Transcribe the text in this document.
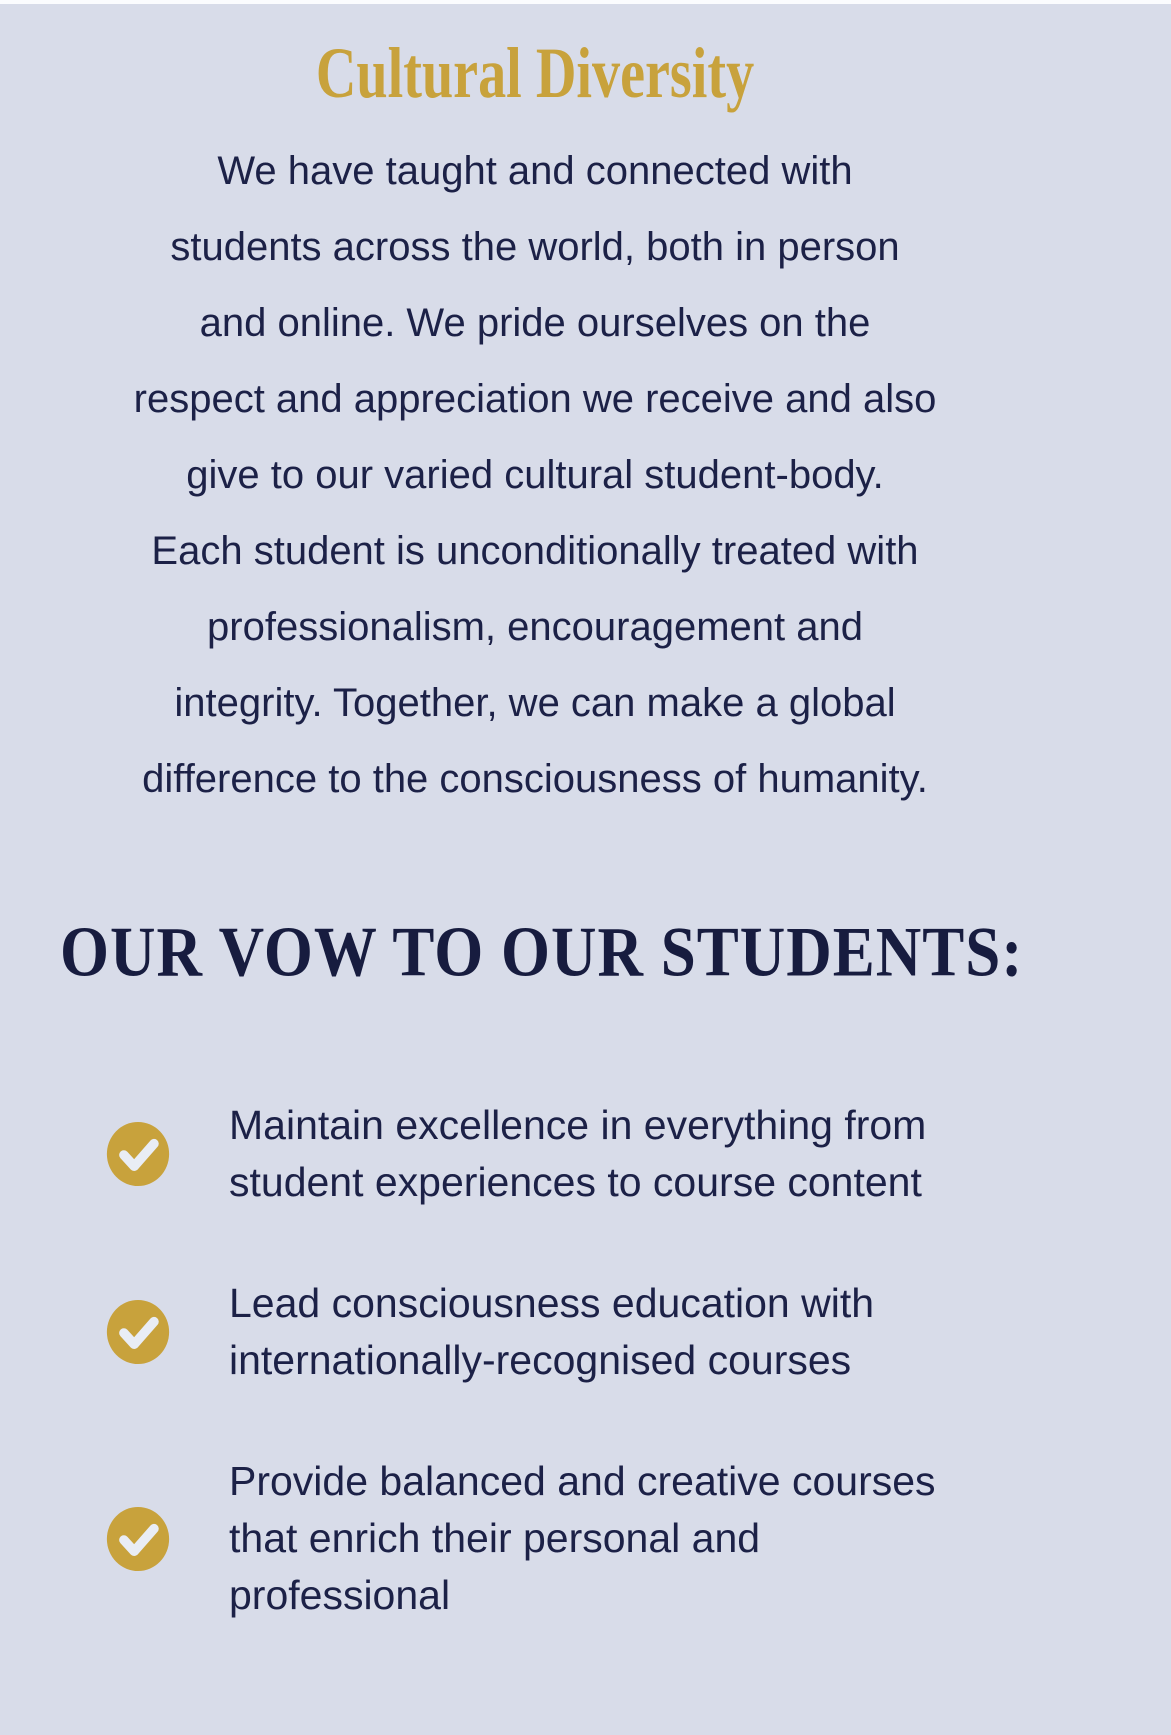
Cultural Diversity
We have taught and connected with
students across the world, both in person
and online. We pride ourselves on the
respect and appreciation we receive and also
give to our varied cultural student-body.
Each student is unconditionally treated with
professionalism, encouragement and
integrity. Together, we can make a global
difference to the consciousness of humanity.
OUR VOW TO OUR STUDENTS:
Maintain excellence in everything from student experiences to course content
Lead consciousness education with internationally-recognised courses
Provide balanced and creative courses that enrich their personal and professional
